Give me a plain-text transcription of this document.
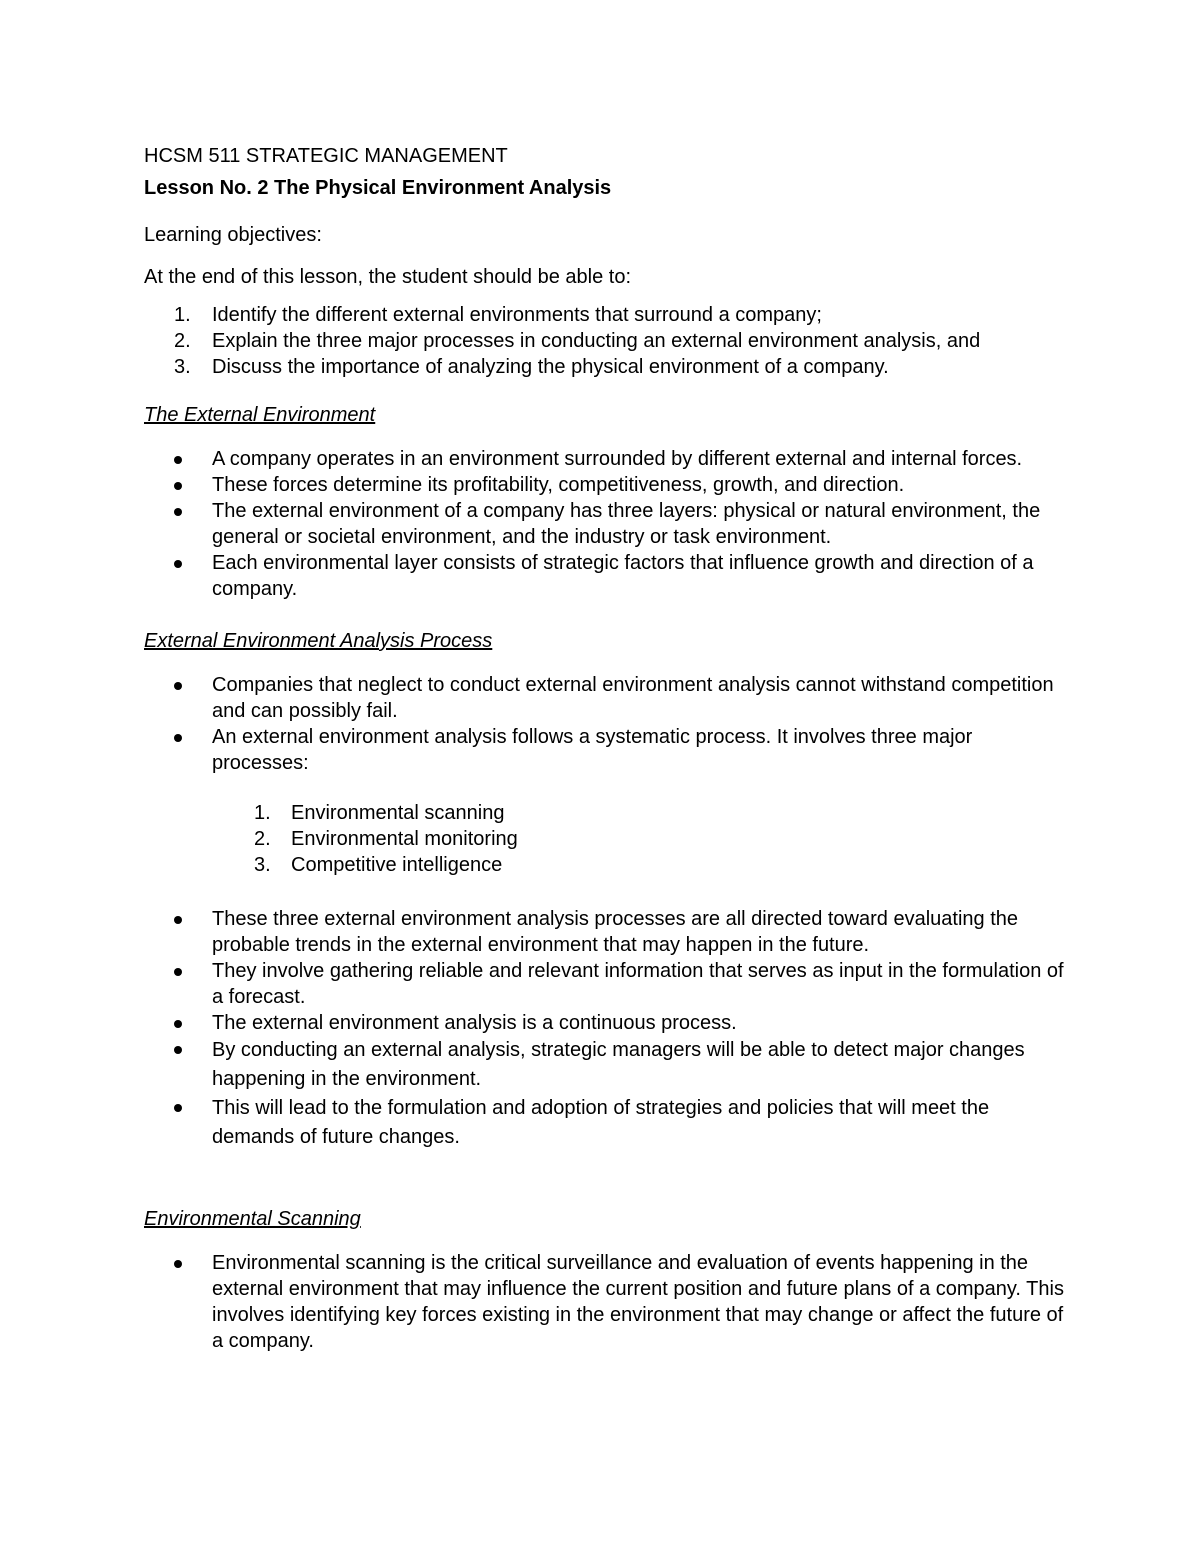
HCSM 511 STRATEGIC MANAGEMENT

Lesson No. 2 The Physical Environment Analysis

Learning objectives:

At the end of this lesson, the student should be able to:

1. Identify the different external environments that surround a company;
2. Explain the three major processes in conducting an external environment analysis, and
3. Discuss the importance of analyzing the physical environment of a company.

The External Environment

A company operates in an environment surrounded by different external and internal forces.
These forces determine its profitability, competitiveness, growth, and direction.
The external environment of a company has three layers: physical or natural environment, the general or societal environment, and the industry or task environment.
Each environmental layer consists of strategic factors that influence growth and direction of a company.

External Environment Analysis Process

Companies that neglect to conduct external environment analysis cannot withstand competition and can possibly fail.
An external environment analysis follows a systematic process. It involves three major processes:
1. Environmental scanning
2. Environmental monitoring
3. Competitive intelligence
These three external environment analysis processes are all directed toward evaluating the probable trends in the external environment that may happen in the future.
They involve gathering reliable and relevant information that serves as input in the formulation of a forecast.
The external environment analysis is a continuous process.
By conducting an external analysis, strategic managers will be able to detect major changes happening in the environment.
This will lead to the formulation and adoption of strategies and policies that will meet the demands of future changes.

Environmental Scanning

Environmental scanning is the critical surveillance and evaluation of events happening in the external environment that may influence the current position and future plans of a company. This involves identifying key forces existing in the environment that may change or affect the future of a company.
